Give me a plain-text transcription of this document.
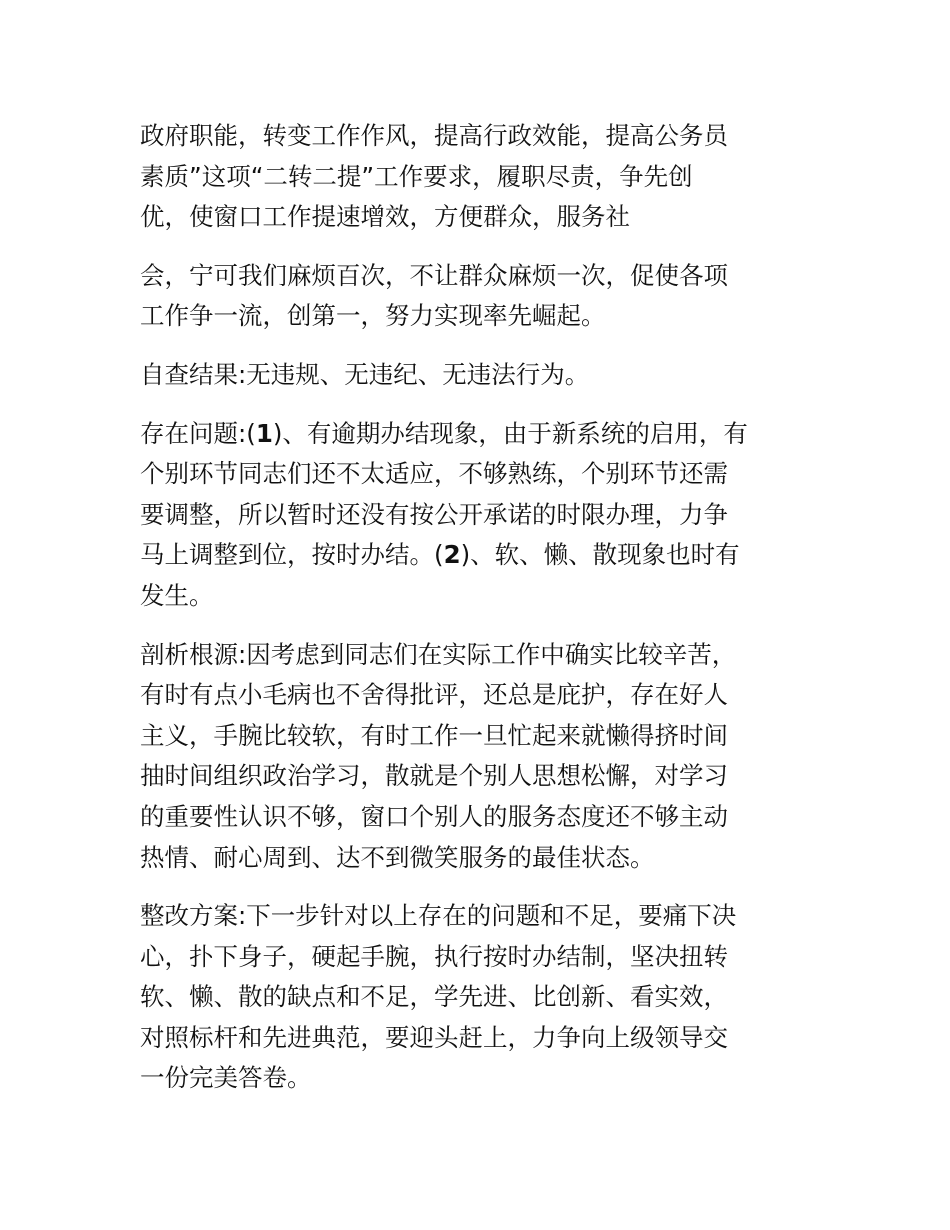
政府职能，转变工作作风，提高行政效能，提高公务员
素质”这项“二转二提”工作要求，履职尽责，争先创
优，使窗口工作提速增效，方便群众，服务社
会，宁可我们麻烦百次，不让群众麻烦一次，促使各项
工作争一流，创第一，努力实现率先崛起。
自查结果:无违规、无违纪、无违法行为。
存在问题:(1)、有逾期办结现象，由于新系统的启用，有
个别环节同志们还不太适应，不够熟练，个别环节还需
要调整，所以暂时还没有按公开承诺的时限办理，力争
马上调整到位，按时办结。(2)、软、懒、散现象也时有
发生。
剖析根源:因考虑到同志们在实际工作中确实比较辛苦，
有时有点小毛病也不舍得批评，还总是庇护，存在好人
主义，手腕比较软，有时工作一旦忙起来就懒得挤时间
抽时间组织政治学习，散就是个别人思想松懈，对学习
的重要性认识不够，窗口个别人的服务态度还不够主动
热情、耐心周到、达不到微笑服务的最佳状态。
整改方案:下一步针对以上存在的问题和不足，要痛下决
心，扑下身子，硬起手腕，执行按时办结制，坚决扭转
软、懒、散的缺点和不足，学先进、比创新、看实效，
对照标杆和先进典范，要迎头赶上，力争向上级领导交
一份完美答卷。
